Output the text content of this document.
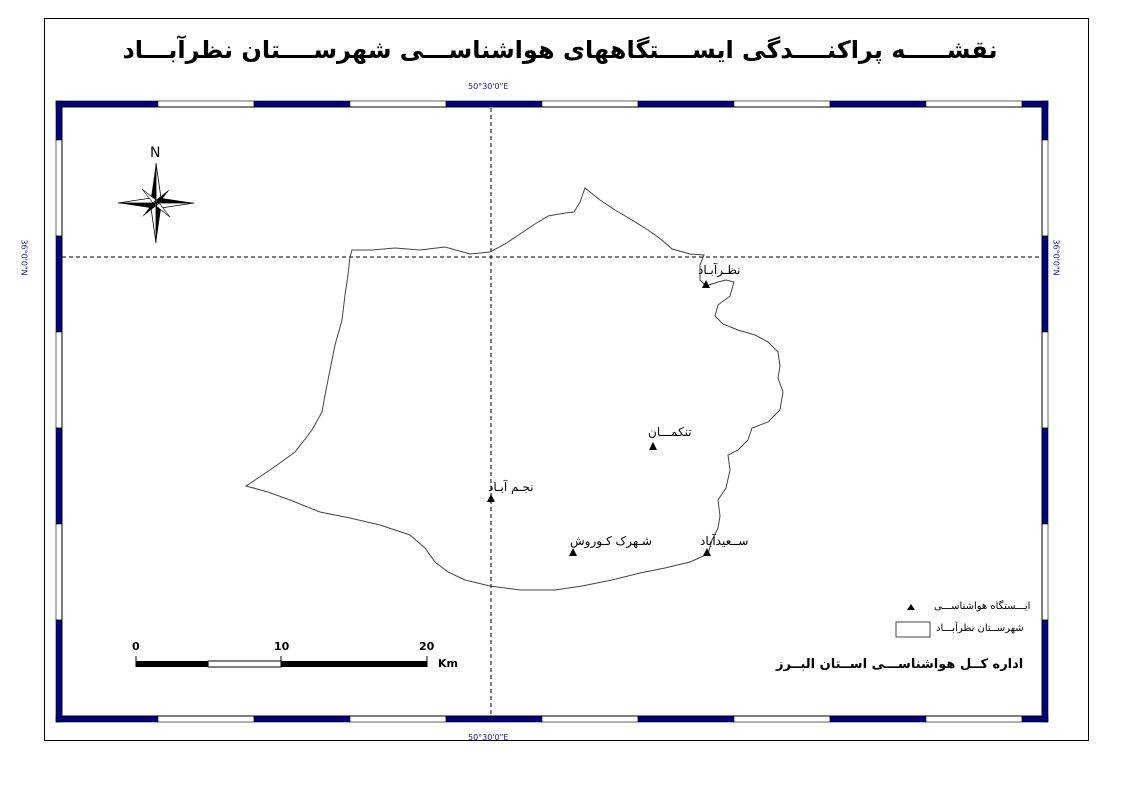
نقشـــــه پراكنــــدگی ایســــتگاههای هواشناســـی شهرســــتان نظرآبـــاد
50°30'0"E
50°30'0"E
36°0'0"N	36°0'0"N
N
نظـرآبـاد
تنكمـــان
نجـم آبـاد
شـهرک کـوروش	ســعیدآباد
ایـــستگاه هواشناســـی
شهرســتان نظرآبـــاد
اداره کــل هواشناســـی اســتان البــرز
0	10	20
Km
